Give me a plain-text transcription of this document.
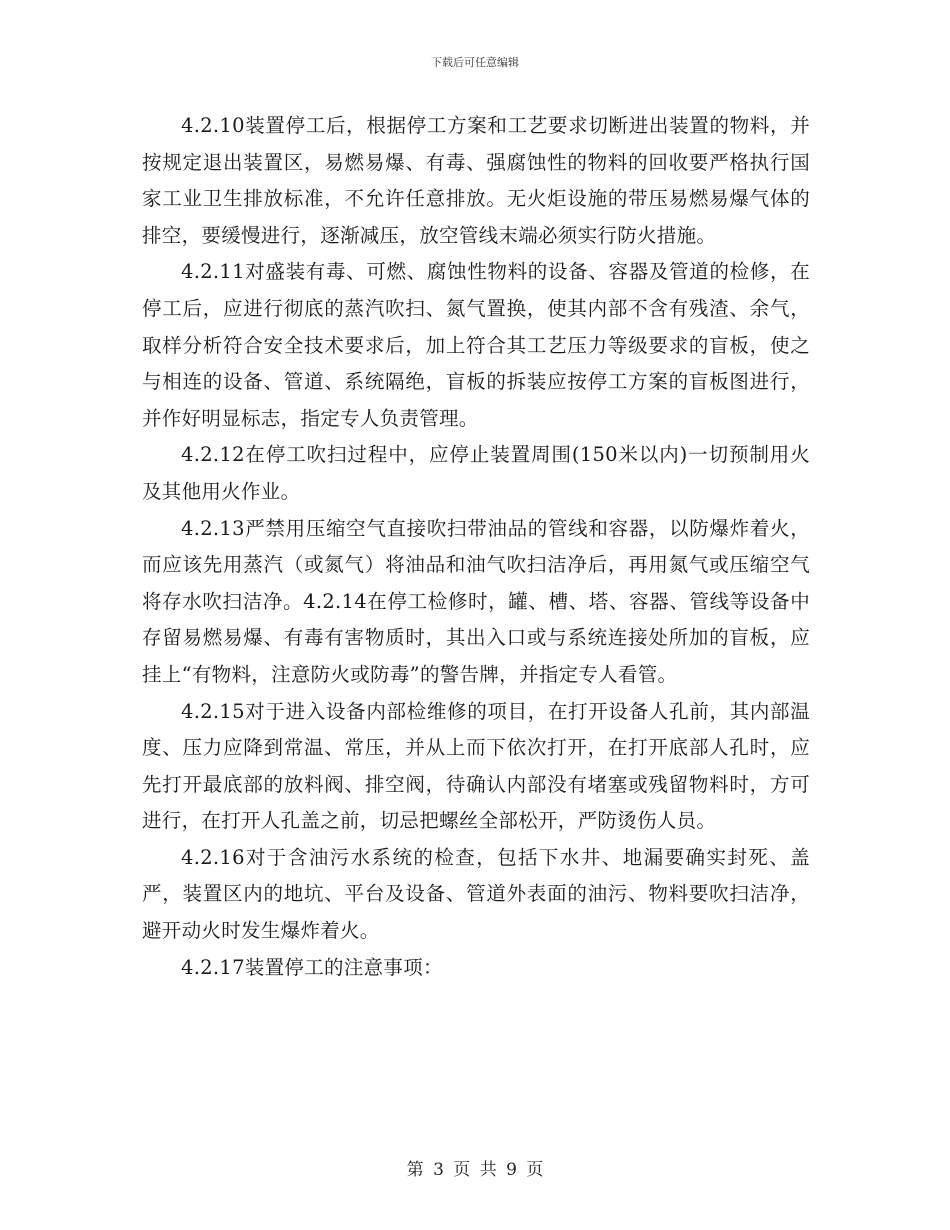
下载后可任意编辑

4.2.10装置停工后，根据停工方案和工艺要求切断进出装置的物料，并按规定退出装置区，易燃易爆、有毒、强腐蚀性的物料的回收要严格执行国家工业卫生排放标准，不允许任意排放。无火炬设施的带压易燃易爆气体的排空，要缓慢进行，逐渐减压，放空管线末端必须实行防火措施。

4.2.11对盛装有毒、可燃、腐蚀性物料的设备、容器及管道的检修，在停工后，应进行彻底的蒸汽吹扫、氮气置换，使其内部不含有残渣、余气，取样分析符合安全技术要求后，加上符合其工艺压力等级要求的盲板，使之与相连的设备、管道、系统隔绝，盲板的拆装应按停工方案的盲板图进行，并作好明显标志，指定专人负责管理。

4.2.12在停工吹扫过程中，应停止装置周围(150米以内)一切预制用火及其他用火作业。

4.2.13严禁用压缩空气直接吹扫带油品的管线和容器，以防爆炸着火，而应该先用蒸汽（或氮气）将油品和油气吹扫洁净后，再用氮气或压缩空气将存水吹扫洁净。4.2.14在停工检修时，罐、槽、塔、容器、管线等设备中存留易燃易爆、有毒有害物质时，其出入口或与系统连接处所加的盲板，应挂上“有物料，注意防火或防毒”的警告牌，并指定专人看管。

4.2.15对于进入设备内部检维修的项目，在打开设备人孔前，其内部温度、压力应降到常温、常压，并从上而下依次打开，在打开底部人孔时，应先打开最底部的放料阀、排空阀，待确认内部没有堵塞或残留物料时，方可进行，在打开人孔盖之前，切忌把螺丝全部松开，严防烫伤人员。

4.2.16对于含油污水系统的检查，包括下水井、地漏要确实封死、盖严，装置区内的地坑、平台及设备、管道外表面的油污、物料要吹扫洁净，避开动火时发生爆炸着火。

4.2.17装置停工的注意事项：

第 3 页 共 9 页
